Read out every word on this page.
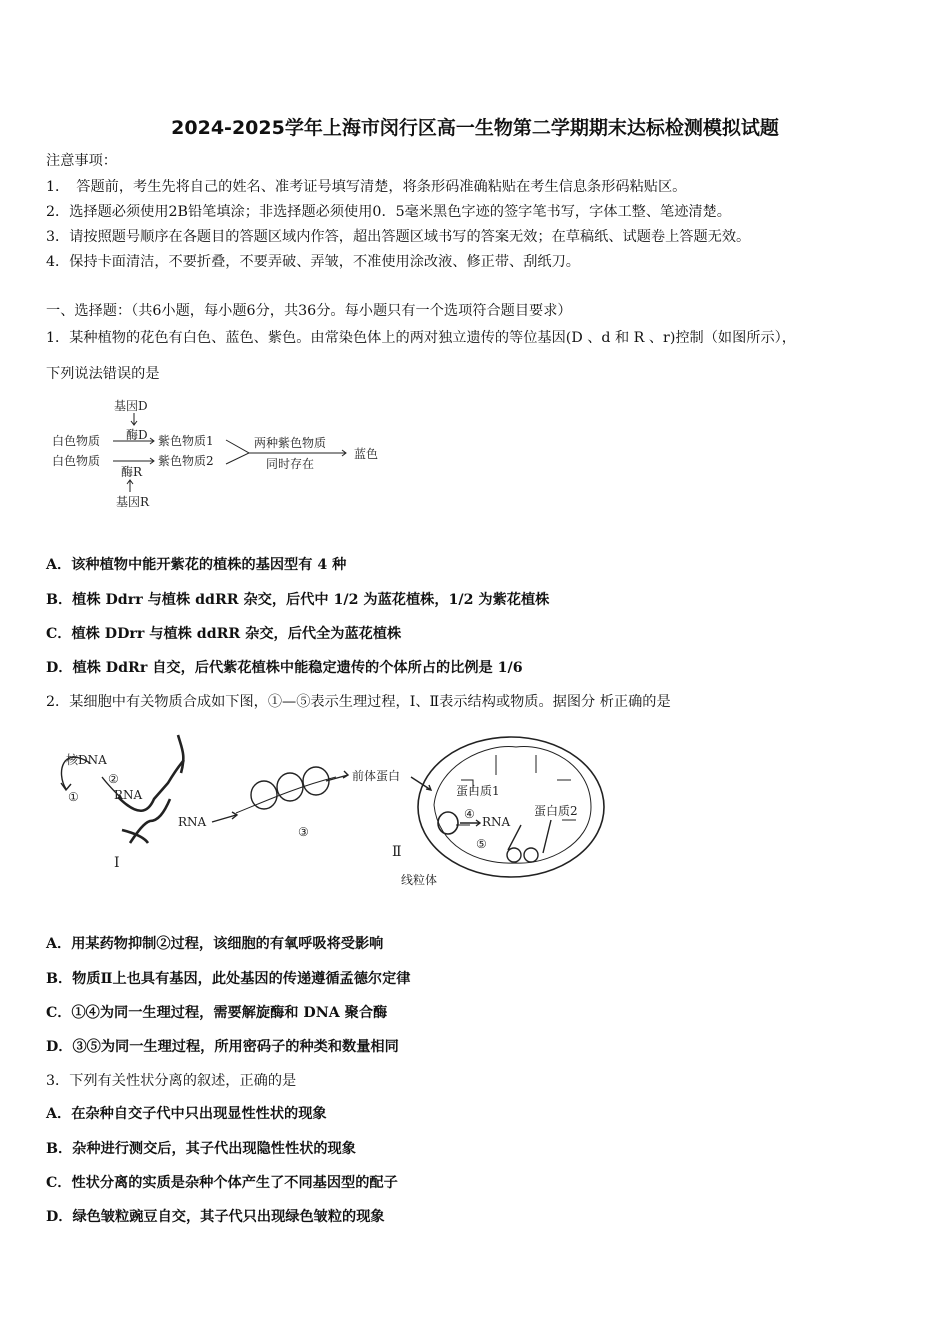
2024-2025学年上海市闵行区高一生物第二学期期末达标检测模拟试题
注意事项：
1．　答题前，考生先将自己的姓名、准考证号填写清楚，将条形码准确粘贴在考生信息条形码粘贴区。
2．选择题必须使用2B铅笔填涂；非选择题必须使用0．5毫米黑色字迹的签字笔书写，字体工整、笔迹清楚。
3．请按照题号顺序在各题目的答题区域内作答，超出答题区域书写的答案无效；在草稿纸、试题卷上答题无效。
4．保持卡面清洁，不要折叠，不要弄破、弄皱，不准使用涂改液、修正带、刮纸刀。
一、选择题：（共6小题，每小题6分，共36分。每小题只有一个选项符合题目要求）
1．某种植物的花色有白色、蓝色、紫色。由常染色体上的两对独立遗传的等位基因(D 、d 和 R 、r)控制（如图所示），
下列说法错误的是
基因D
酶D
白色物质
白色物质
紫色物质1
紫色物质2
酶R
基因R
两种紫色物质
同时存在
蓝色
A．该种植物中能开紫花的植株的基因型有 4 种
B．植株 Ddrr 与植株 ddRR 杂交，后代中 1/2 为蓝花植株，1/2 为紫花植株
C．植株 DDrr 与植株 ddRR 杂交，后代全为蓝花植株
D．植株 DdRr 自交，后代紫花植株中能稳定遗传的个体所占的比例是 1/6
2．某细胞中有关物质合成如下图，①—⑤表示生理过程，Ⅰ、Ⅱ表示结构或物质。据图分 析正确的是
核DNA
①
②
RNA
RNA
Ⅰ
③
前体蛋白
蛋白质1
蛋白质2
④
RNA
⑤
Ⅱ
线粒体
A．用某药物抑制②过程，该细胞的有氧呼吸将受影响
B．物质Ⅱ上也具有基因，此处基因的传递遵循孟德尔定律
C．①④为同一生理过程，需要解旋酶和 DNA 聚合酶
D．③⑤为同一生理过程，所用密码子的种类和数量相同
3．下列有关性状分离的叙述，正确的是
A．在杂种自交子代中只出现显性性状的现象
B．杂种进行测交后，其子代出现隐性性状的现象
C．性状分离的实质是杂种个体产生了不同基因型的配子
D．绿色皱粒豌豆自交，其子代只出现绿色皱粒的现象
